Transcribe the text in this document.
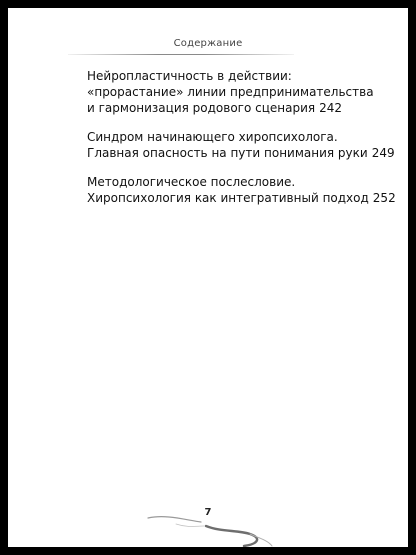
Содержание
Нейропластичность в действии:
«прорастание» линии предпринимательства
и гармонизация родового сценария 242
Синдром начинающего хиропсихолога.
Главная опасность на пути понимания руки 249
Методологическое послесловие.
Хиропсихология как интегративный подход 252
7
